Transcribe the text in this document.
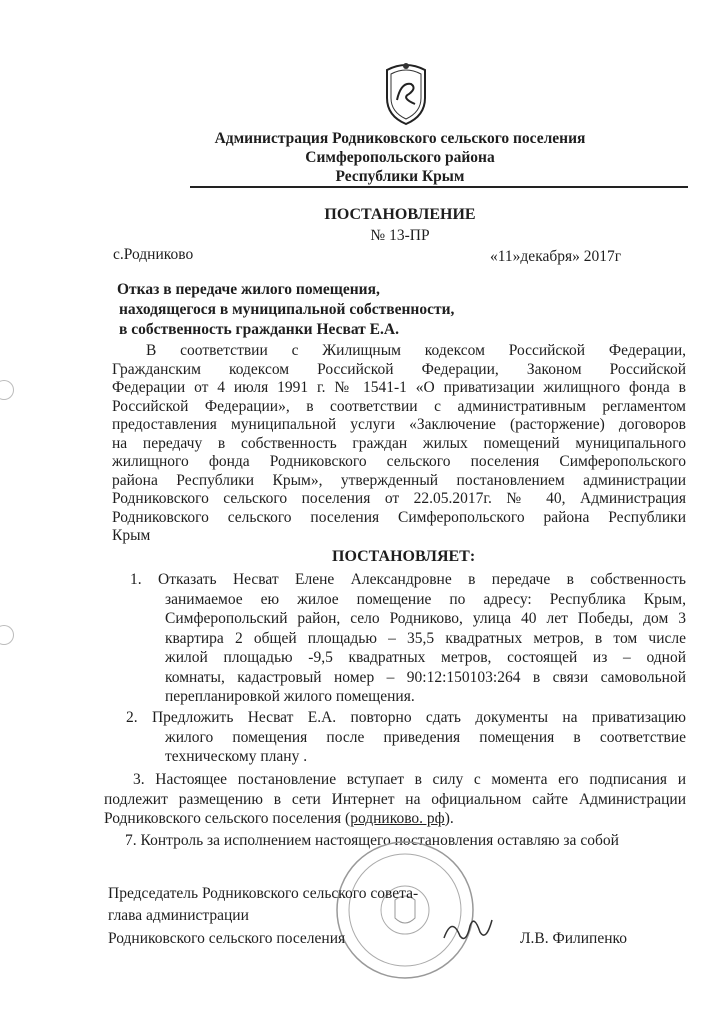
Администрация Родниковского сельского поселения
Симферопольского района
Республики Крым
ПОСТАНОВЛЕНИЕ
№ 13-ПР
с.Родниково	«11»декабря» 2017г
Отказ в передаче жилого помещения,
находящегося в муниципальной собственности,
в собственность гражданки Несват Е.А.
В соответствии с Жилищным кодексом Российской Федерации,
Гражданским кодексом Российской Федерации, Законом Российской
Федерации от 4 июля 1991 г. № 1541-1 «О приватизации жилищного фонда в
Российской Федерации», в соответствии с административным регламентом
предоставления муниципальной услуги «Заключение (расторжение) договоров
на передачу в собственность граждан жилых помещений муниципального
жилищного фонда Родниковского сельского поселения Симферопольского
района Республики Крым», утвержденный постановлением администрации
Родниковского сельского поселения от 22.05.2017г. № 40, Администрация
Родниковского сельского поселения Симферопольского района Республики
Крым
ПОСТАНОВЛЯЕТ:
1. Отказать Несват Елене Александровне в передаче в собственность
занимаемое ею жилое помещение по адресу: Республика Крым,
Симферопольский район, село Родниково, улица 40 лет Победы, дом 3
квартира 2 общей площадью – 35,5 квадратных метров, в том числе
жилой площадью -9,5 квадратных метров, состоящей из – одной
комнаты, кадастровый номер – 90:12:150103:264 в связи самовольной
перепланировкой жилого помещения.
2. Предложить Несват Е.А. повторно сдать документы на приватизацию
жилого помещения после приведения помещения в соответствие
техническому плану .
3. Настоящее постановление вступает в силу с момента его подписания и
подлежит размещению в сети Интернет на официальном сайте Администрации
Родниковского сельского поселения (родниково. рф).
7. Контроль за исполнением настоящего постановления оставляю за собой
Председатель Родниковского сельского совета-
глава администрации
Родниковского сельского поселения	Л.В. Филипенко
